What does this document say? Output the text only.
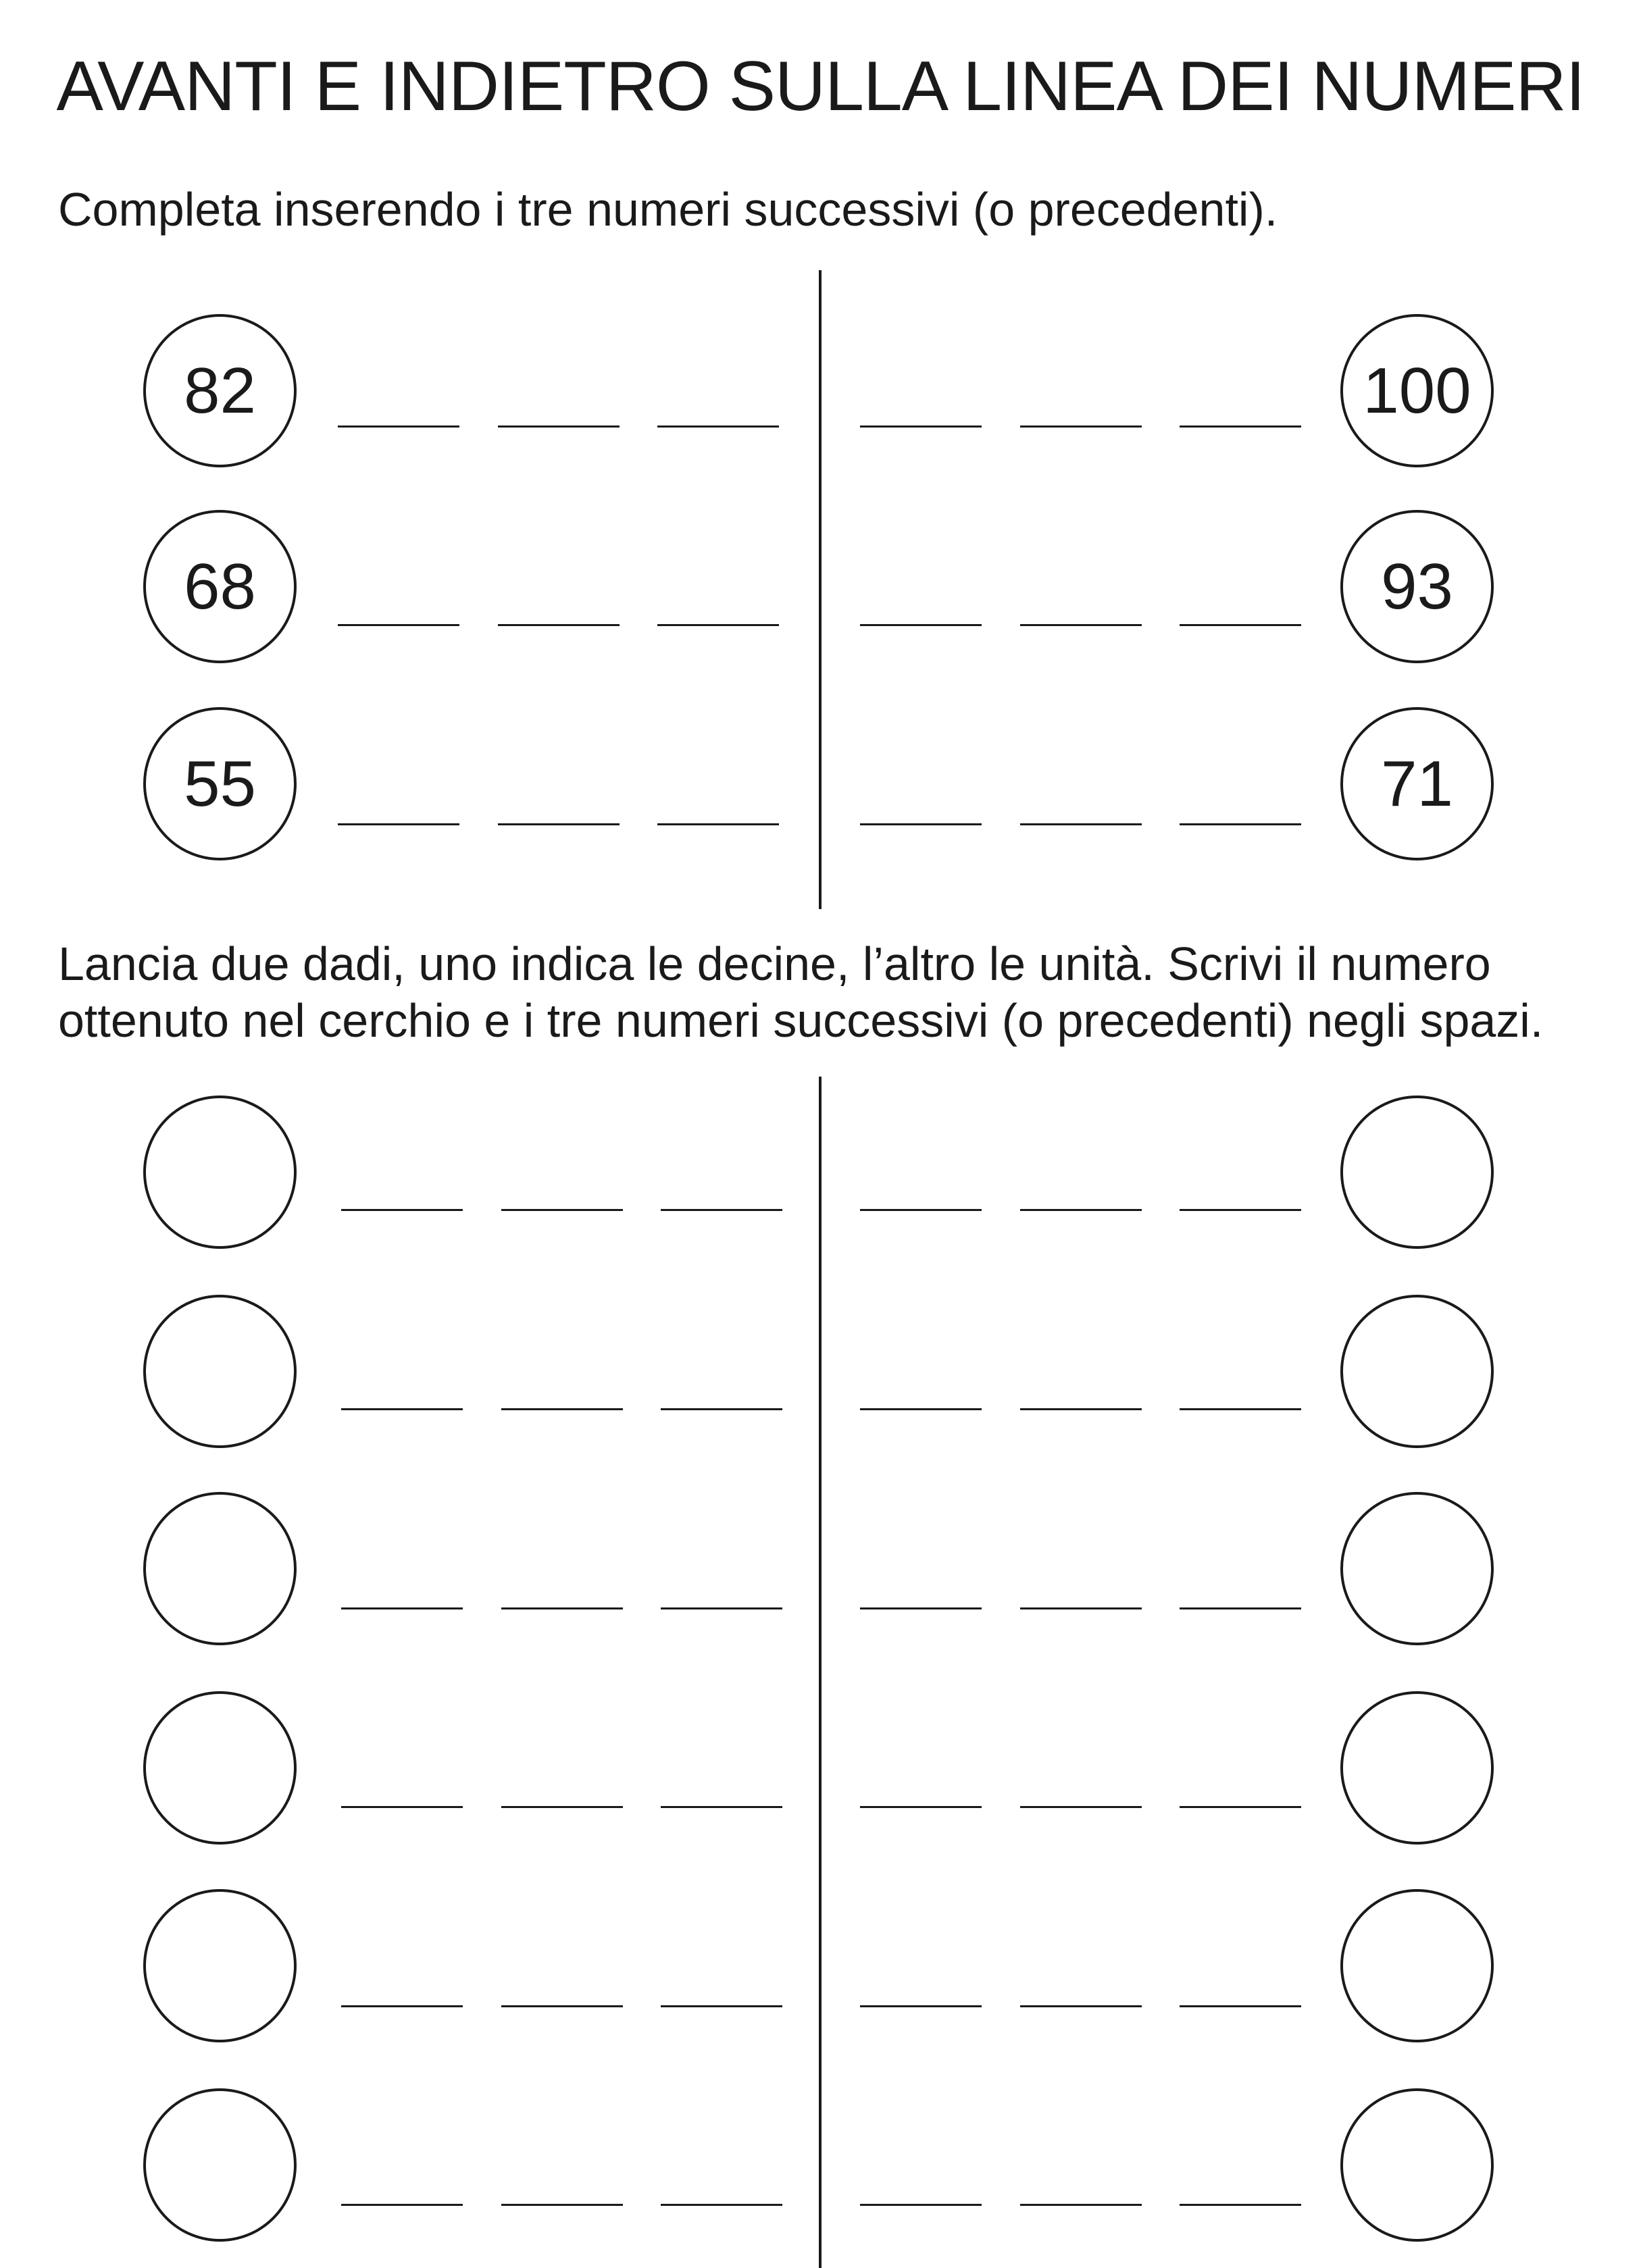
AVANTI E INDIETRO SULLA LINEA DEI NUMERI
Completa inserendo i tre numeri successivi (o precedenti).
82	100
68	93
55	71
Lancia due dadi, uno indica le decine, l’altro le unità. Scrivi il numero
ottenuto nel cerchio e i tre numeri successivi (o precedenti) negli spazi.
